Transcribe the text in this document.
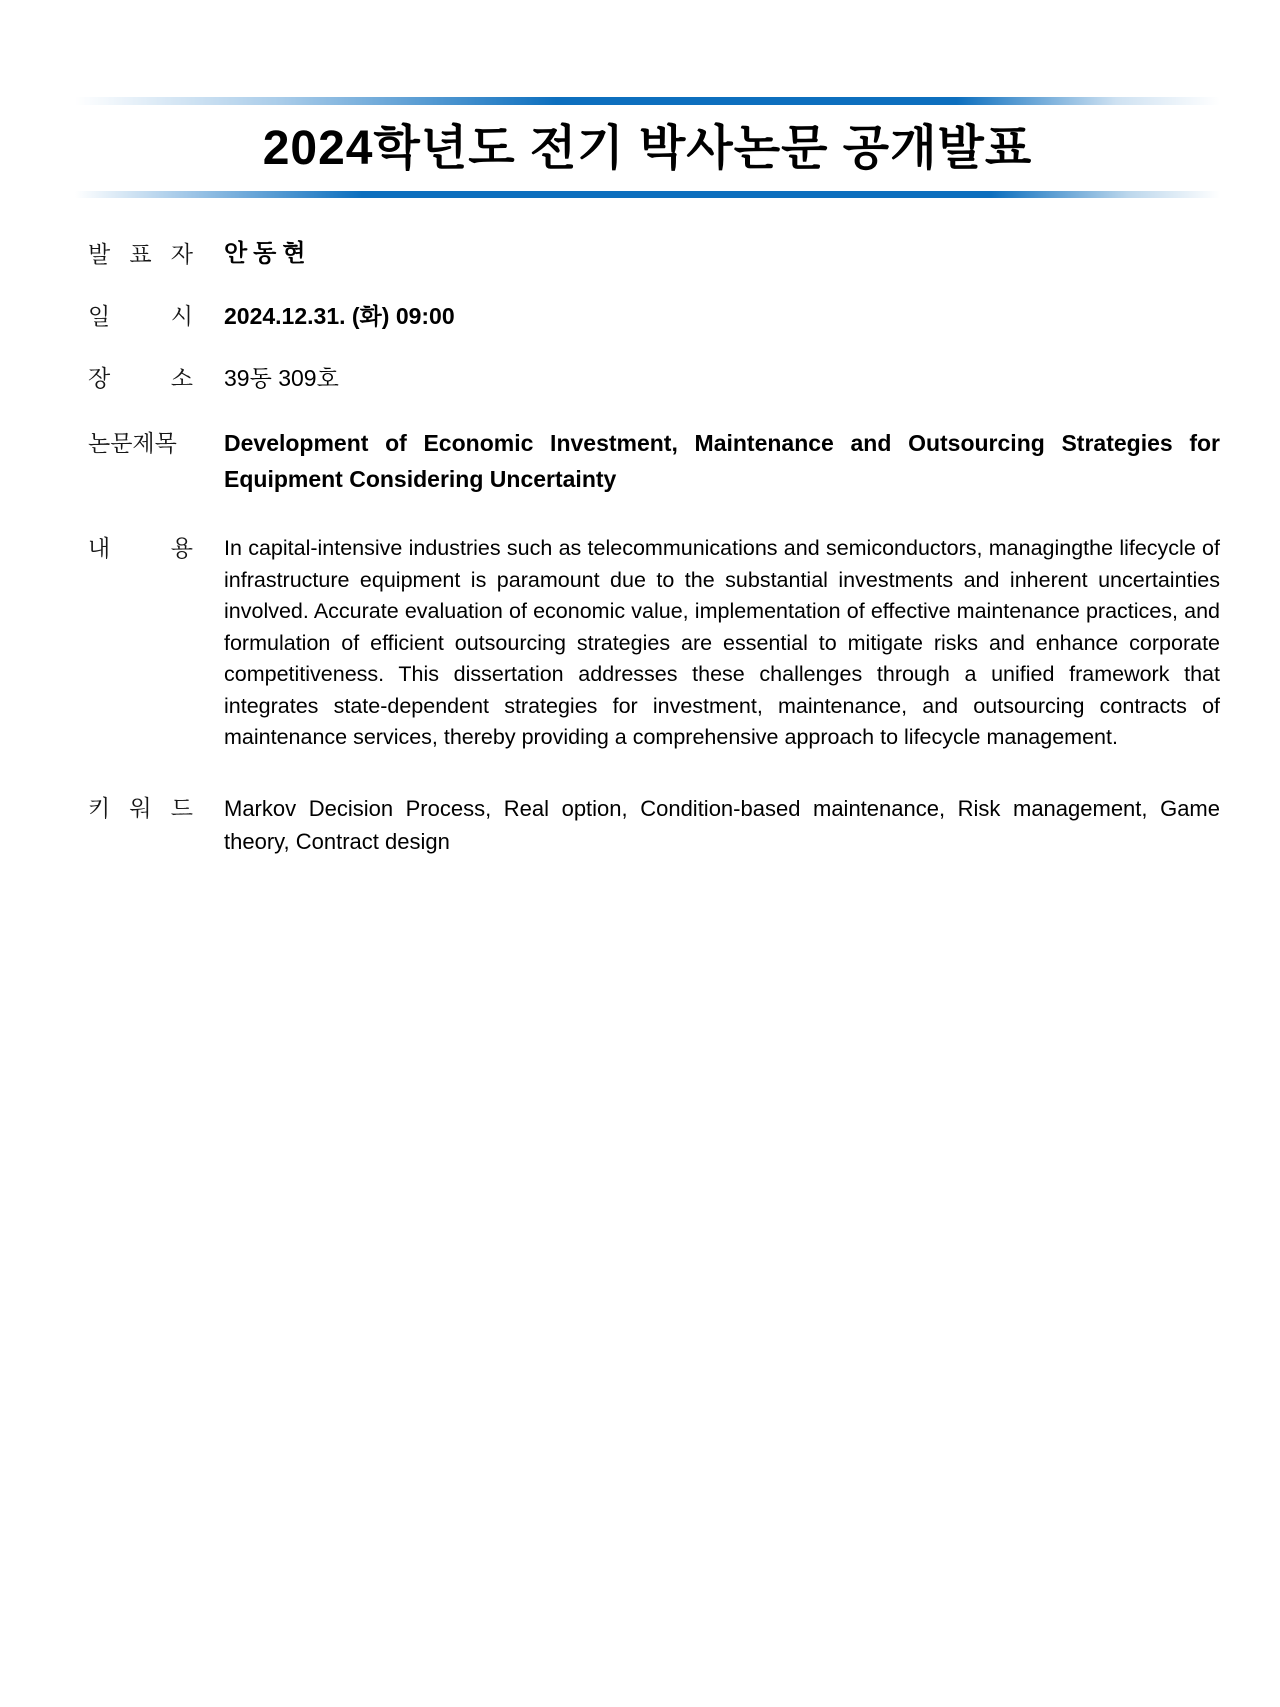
2024학년도 전기 박사논문 공개발표
발 표 자 안동현
일 시 2024.12.31. (화) 09:00
장 소 39동 309호
논문제목	Development of Economic Investment, Maintenance and Outsourcing Strategies for Equipment Considering Uncertainty
내 용 In capital-intensive industries such as telecommunications and semiconductors, managingthe lifecycle of infrastructure equipment is paramount due to the substantial investments and inherent uncertainties involved. Accurate evaluation of economic value, implementation of effective maintenance practices, and formulation of efficient outsourcing strategies are essential to mitigate risks and enhance corporate competitiveness. This dissertation addresses these challenges through a unified framework that integrates state-dependent strategies for investment, maintenance, and outsourcing contracts of maintenance services, thereby providing a comprehensive approach to lifecycle management.
키 워 드 Markov Decision Process, Real option, Condition-based maintenance, Risk management, Game theory, Contract design
